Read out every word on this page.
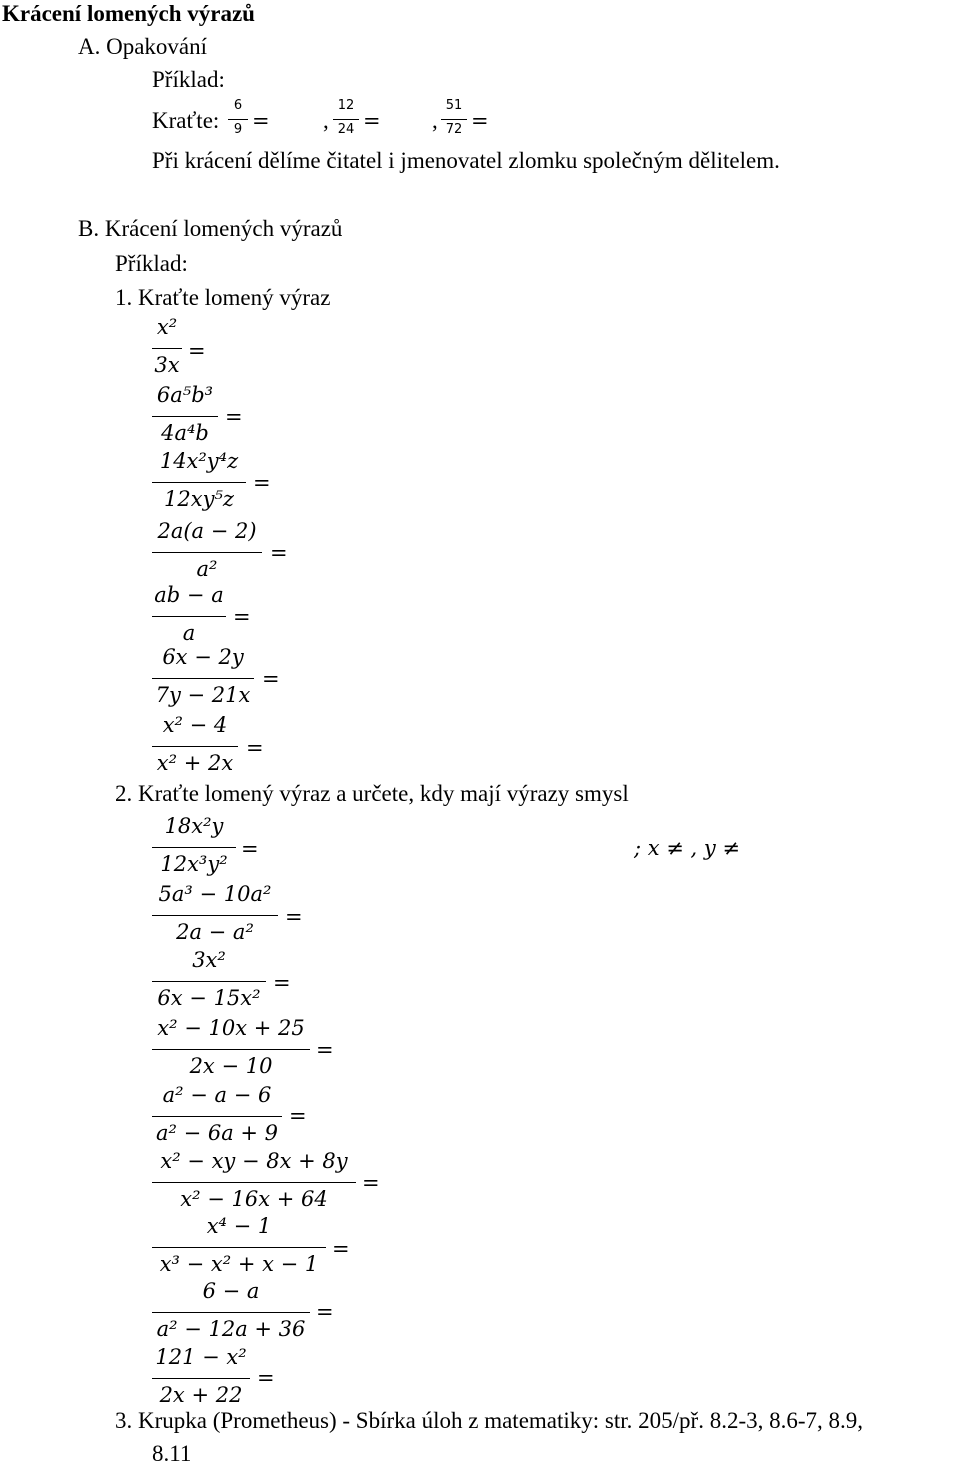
Krácení lomených výrazů
A. Opakování
Příklad:
Kraťte:
6
9 = ,
12
24 = ,
51
72 =
Při krácení dělíme čitatel i jmenovatel zlomku společným dělitelem.
B. Krácení lomených výrazů
Příklad:
1. Kraťte lomený výraz
x²
3x
=
6a⁵b³
4a⁴b
=
14x²y⁴z
12xy⁵z
=
2a(a − 2)
a²
=
ab − a
a
=
6x − 2y
7y − 21x
=
x² − 4
x² + 2x
=
2. Kraťte lomený výraz a určete, kdy mají výrazy smysl
18x²y
12x³y²
=	; x ≠ , y ≠
5a³ − 10a²
2a − a²
=
3x²
6x − 15x²
=
x² − 10x + 25
2x − 10
=
a² − a − 6
a² − 6a + 9
=
x² − xy − 8x + 8y
x² − 16x + 64
=
x⁴ − 1
x³ − x² + x − 1
=
6 − a
a² − 12a + 36
=
121 − x²
2x + 22
=
3. Krupka (Prometheus) - Sbírka úloh z matematiky: str. 205/př. 8.2-3, 8.6-7, 8.9,
8.11
